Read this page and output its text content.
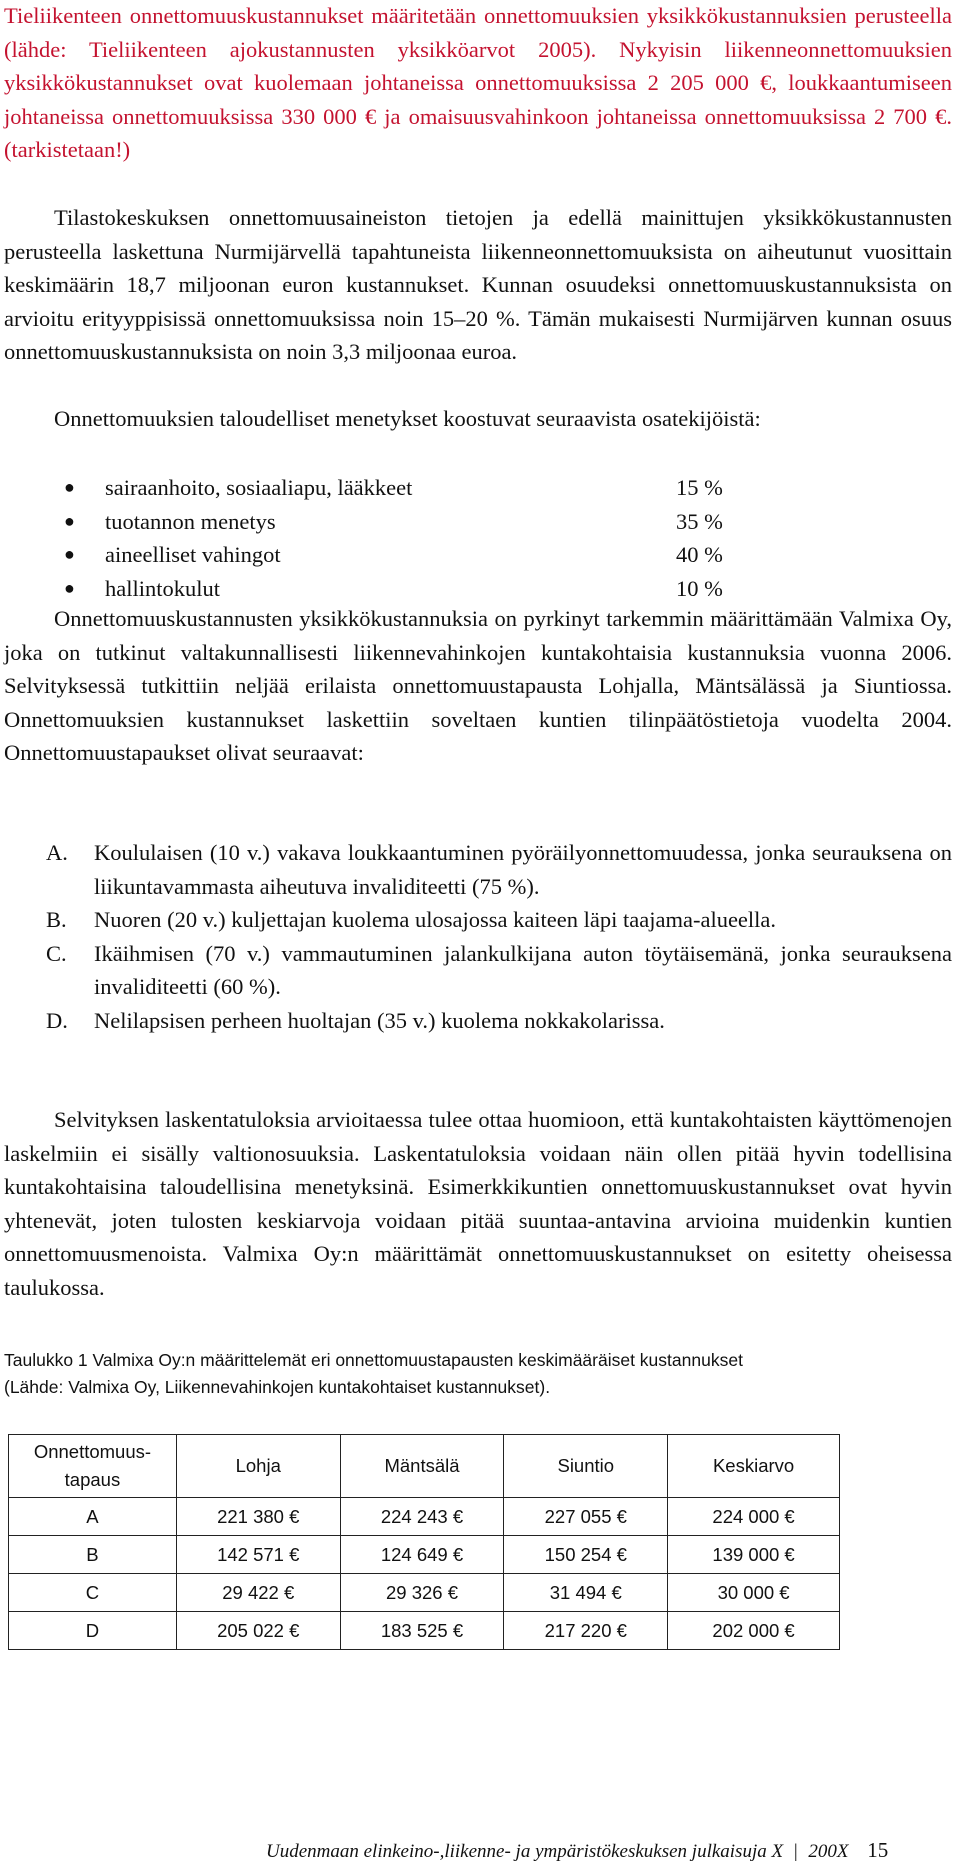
Tieliikenteen onnettomuuskustannukset määritetään onnettomuuksien yksikkökustannuksien perusteella (lähde: Tieliikenteen ajokustannusten yksikköarvot 2005). Nykyisin liikenneonnettomuuksien yksikkökustannukset ovat kuolemaan johtaneissa onnettomuuksissa 2 205 000 €, loukkaantumiseen johtaneissa onnettomuuksissa 330 000 € ja omaisuusvahinkoon johtaneissa onnettomuuksissa 2 700 €. (tarkistetaan!)

Tilastokeskuksen onnettomuusaineiston tietojen ja edellä mainittujen yksikkökustannusten perusteella laskettuna Nurmijärvellä tapahtuneista liikenneonnettomuuksista on aiheutunut vuosittain keskimäärin 18,7 miljoonan euron kustannukset. Kunnan osuudeksi onnettomuuskustannuksista on arvioitu erityyppisissä onnettomuuksissa noin 15–20 %. Tämän mukaisesti Nurmijärven kunnan osuus onnettomuuskustannuksista on noin 3,3 miljoonaa euroa.

Onnettomuuksien taloudelliset menetykset koostuvat seuraavista osatekijöistä:

● sairaanhoito, sosiaaliapu, lääkkeet	15 %
● tuotannon menetys	35 %
● aineelliset vahingot	40 %
● hallintokulut	10 %

Onnettomuuskustannusten yksikkökustannuksia on pyrkinyt tarkemmin määrittämään Valmixa Oy, joka on tutkinut valtakunnallisesti liikennevahinkojen kuntakohtaisia kustannuksia vuonna 2006. Selvityksessä tutkittiin neljää erilaista onnettomuustapausta Lohjalla, Mäntsälässä ja Siuntiossa. Onnettomuuksien kustannukset laskettiin soveltaen kuntien tilinpäätöstietoja vuodelta 2004. Onnettomuustapaukset olivat seuraavat:

A. Koululaisen (10 v.) vakava loukkaantuminen pyöräilyonnettomuudessa, jonka seurauksena on liikuntavammasta aiheutuva invaliditeetti (75 %).
B. Nuoren (20 v.) kuljettajan kuolema ulosajossa kaiteen läpi taajama-alueella.
C. Ikäihmisen (70 v.) vammautuminen jalankulkijana auton töytäisemänä, jonka seurauksena invaliditeetti (60 %).
D. Nelilapsisen perheen huoltajan (35 v.) kuolema nokkakolarissa.

Selvityksen laskentatuloksia arvioitaessa tulee ottaa huomioon, että kuntakohtaisten käyttömenojen laskelmiin ei sisälly valtionosuuksia. Laskentatuloksia voidaan näin ollen pitää hyvin todellisina kuntakohtaisina taloudellisina menetyksinä. Esimerkkikuntien onnettomuuskustannukset ovat hyvin yhtenevät, joten tulosten keskiarvoja voidaan pitää suuntaa-antavina arvioina muidenkin kuntien onnettomuusmenoista. Valmixa Oy:n määrittämät onnettomuuskustannukset on esitetty oheisessa taulukossa.

Taulukko 1 Valmixa Oy:n määrittelemät eri onnettomuustapausten keskimääräiset kustannukset
(Lähde: Valmixa Oy, Liikennevahinkojen kuntakohtaiset kustannukset).
Onnettomuus-
tapaus	Lohja	Mäntsälä	Siuntio	Keskiarvo
A	221 380 €	224 243 €	227 055 €	224 000 €
B	142 571 €	124 649 €	150 254 €	139 000 €
C	29 422 €	29 326 €	31 494 €	30 000 €
D	205 022 €	183 525 €	217 220 €	202 000 €
Uudenmaan elinkeino-,liikenne- ja ympäristökeskuksen julkaisuja X | 200X 15
